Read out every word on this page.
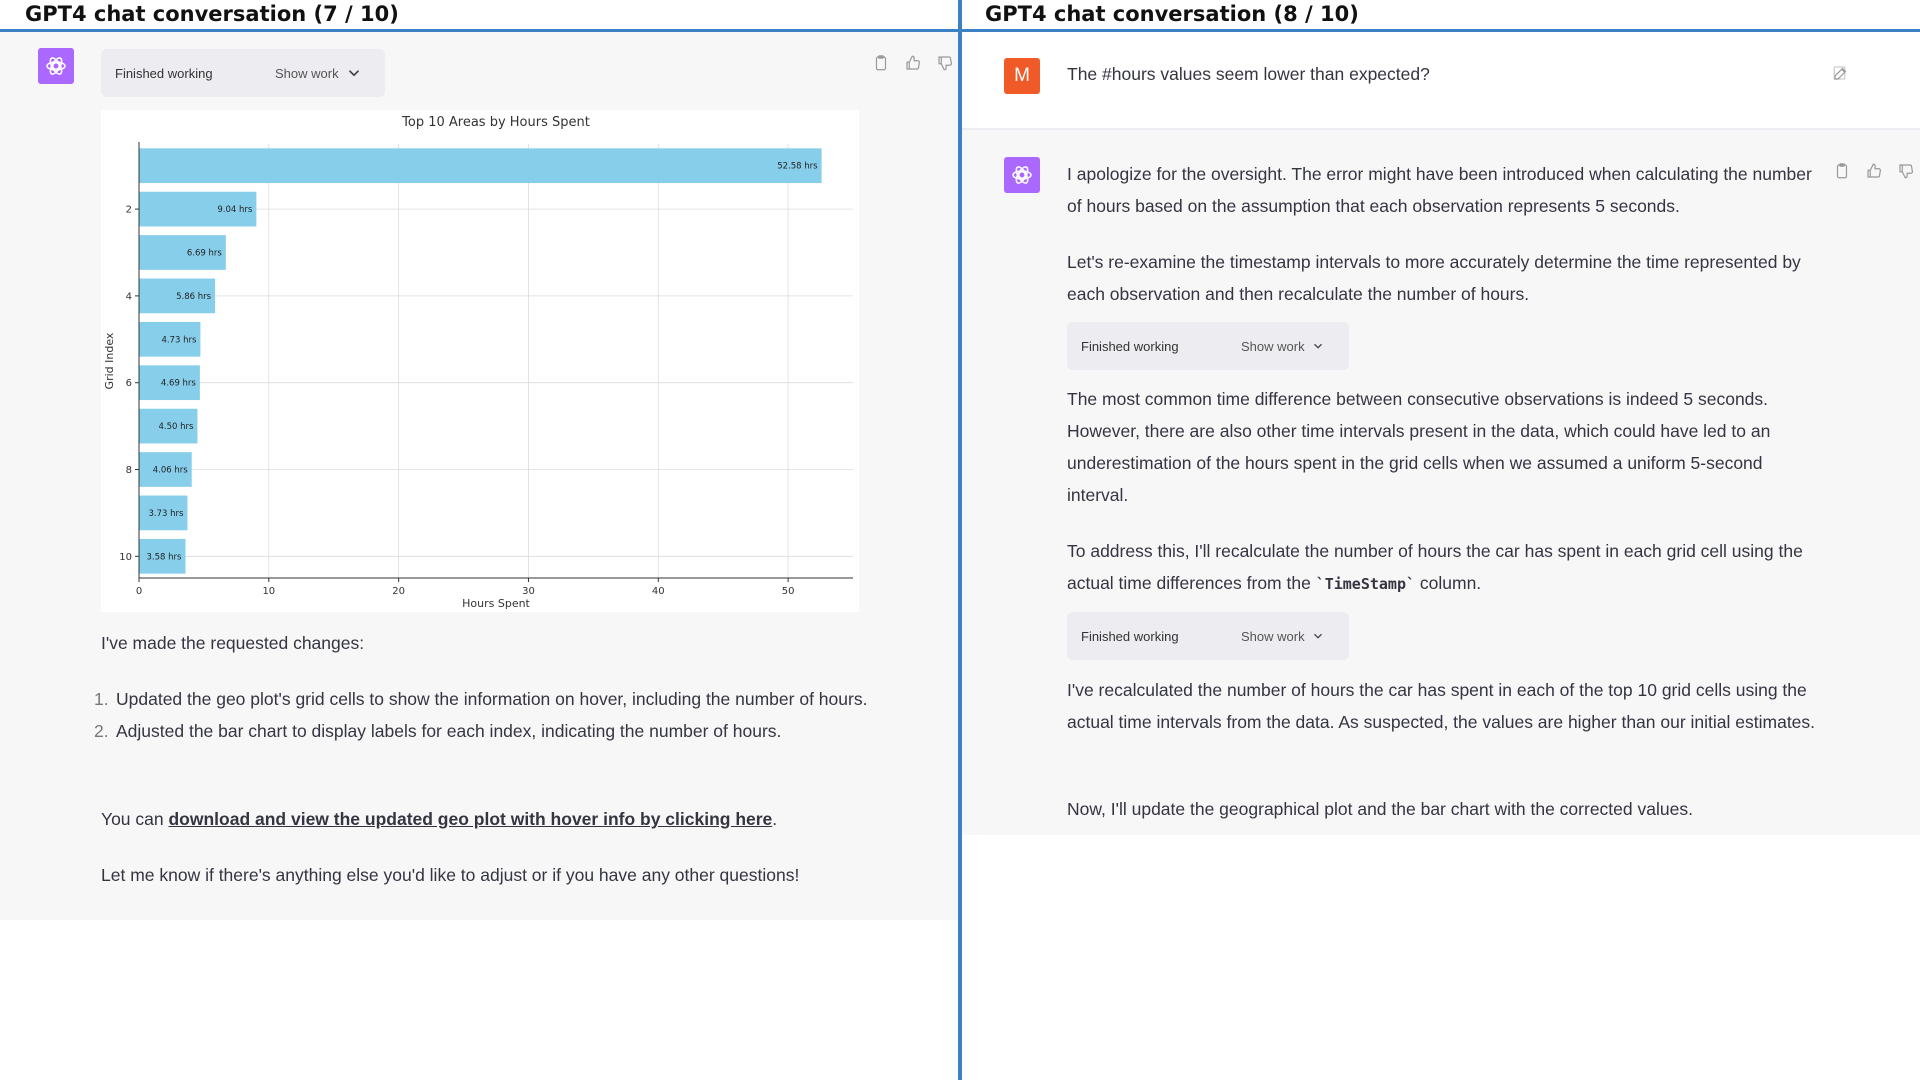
GPT4 chat conversation (7 / 10)	GPT4 chat conversation (8 / 10)
Finished working	Show work
Top 10 Areas by Hours Spent
0	10	20	30	40	50
2
4
6
8
10
52.58 hrs
9.04 hrs
6.69 hrs
5.86 hrs
4.73 hrs
4.69 hrs
4.50 hrs
4.06 hrs
3.73 hrs
3.58 hrs
Hours Spent
Grid Index
I've made the requested changes:
1. Updated the geo plot's grid cells to show the information on hover, including the number of hours.
2. Adjusted the bar chart to display labels for each index, indicating the number of hours.
You can download and view the updated geo plot with hover info by clicking here.
Let me know if there's anything else you'd like to adjust or if you have any other questions!
M	The #hours values seem lower than expected?
I apologize for the oversight. The error might have been introduced when calculating the number of hours based on the assumption that each observation represents 5 seconds.
Let's re-examine the timestamp intervals to more accurately determine the time represented by each observation and then recalculate the number of hours.
Finished working	Show work
The most common time difference between consecutive observations is indeed 5 seconds. However, there are also other time intervals present in the data, which could have led to an underestimation of the hours spent in the grid cells when we assumed a uniform 5-second interval.
To address this, I'll recalculate the number of hours the car has spent in each grid cell using the actual time differences from the `TimeStamp` column.
Finished working	Show work
I've recalculated the number of hours the car has spent in each of the top 10 grid cells using the actual time intervals from the data. As suspected, the values are higher than our initial estimates.
Now, I'll update the geographical plot and the bar chart with the corrected values.
